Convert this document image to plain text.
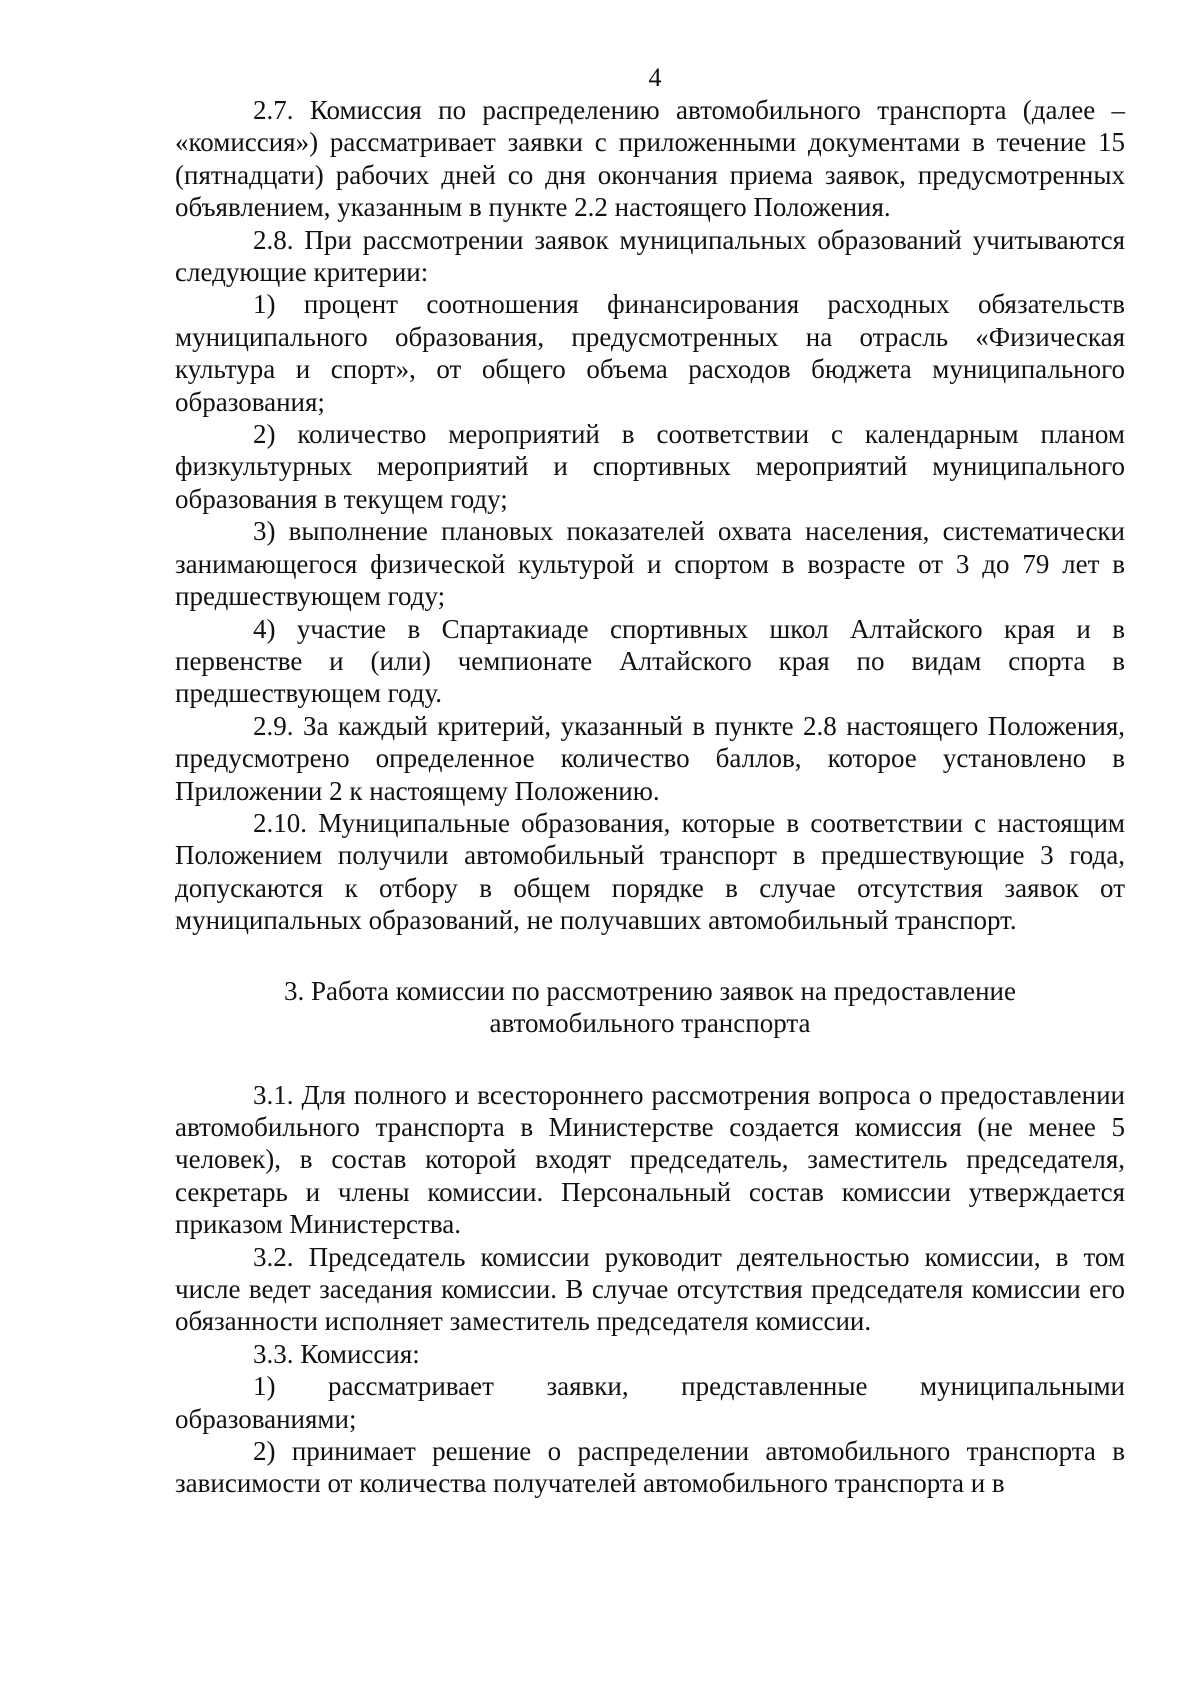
4

2.7. Комиссия по распределению автомобильного транспорта (далее – «комиссия») рассматривает заявки с приложенными документами в течение 15 (пятнадцати) рабочих дней со дня окончания приема заявок, предусмотренных объявлением, указанным в пункте 2.2 настоящего Положения.

2.8. При рассмотрении заявок муниципальных образований учитываются следующие критерии:

1) процент соотношения финансирования расходных обязательств муниципального образования, предусмотренных на отрасль «Физическая культура и спорт», от общего объема расходов бюджета муниципального образования;

2) количество мероприятий в соответствии с календарным планом физкультурных мероприятий и спортивных мероприятий муниципального образования в текущем году;

3) выполнение плановых показателей охвата населения, систематически занимающегося физической культурой и спортом в возрасте от 3 до 79 лет в предшествующем году;

4) участие в Спартакиаде спортивных школ Алтайского края и в первенстве и (или) чемпионате Алтайского края по видам спорта в предшествующем году.

2.9. За каждый критерий, указанный в пункте 2.8 настоящего Положения, предусмотрено определенное количество баллов, которое установлено в Приложении 2 к настоящему Положению.

2.10. Муниципальные образования, которые в соответствии с настоящим Положением получили автомобильный транспорт в предшествующие 3 года, допускаются к отбору в общем порядке в случае отсутствия заявок от муниципальных образований, не получавших автомобильный транспорт.

3. Работа комиссии по рассмотрению заявок на предоставление
автомобильного транспорта

3.1. Для полного и всестороннего рассмотрения вопроса о предоставлении автомобильного транспорта в Министерстве создается комиссия (не менее 5 человек), в состав которой входят председатель, заместитель председателя, секретарь и члены комиссии. Персональный состав комиссии утверждается приказом Министерства.

3.2. Председатель комиссии руководит деятельностью комиссии, в том числе ведет заседания комиссии. В случае отсутствия председателя комиссии его обязанности исполняет заместитель председателя комиссии.

3.3. Комиссия:

1) рассматривает заявки, представленные муниципальными образованиями;

2) принимает решение о распределении автомобильного транспорта в зависимости от количества получателей автомобильного транспорта и в
